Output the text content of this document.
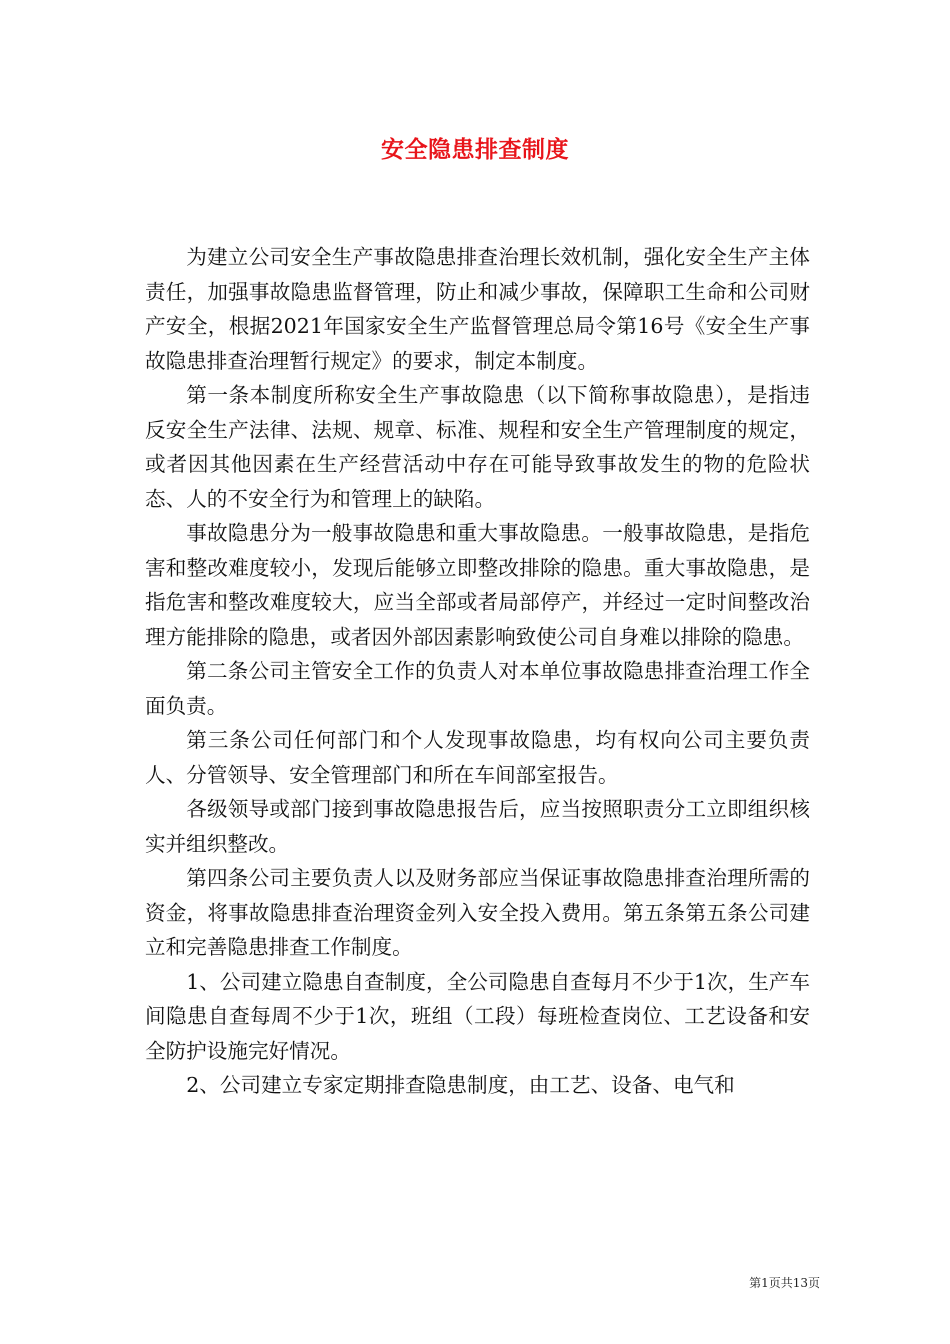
安全隐患排查制度

为建立公司安全生产事故隐患排查治理长效机制，强化安全生产主体责任，加强事故隐患监督管理，防止和减少事故，保障职工生命和公司财产安全，根据2021年国家安全生产监督管理总局令第16号《安全生产事故隐患排查治理暂行规定》的要求，制定本制度。

第一条本制度所称安全生产事故隐患（以下简称事故隐患），是指违反安全生产法律、法规、规章、标准、规程和安全生产管理制度的规定，或者因其他因素在生产经营活动中存在可能导致事故发生的物的危险状态、人的不安全行为和管理上的缺陷。

事故隐患分为一般事故隐患和重大事故隐患。一般事故隐患，是指危害和整改难度较小，发现后能够立即整改排除的隐患。重大事故隐患，是指危害和整改难度较大，应当全部或者局部停产，并经过一定时间整改治理方能排除的隐患，或者因外部因素影响致使公司自身难以排除的隐患。

第二条公司主管安全工作的负责人对本单位事故隐患排查治理工作全面负责。

第三条公司任何部门和个人发现事故隐患，均有权向公司主要负责人、分管领导、安全管理部门和所在车间部室报告。

各级领导或部门接到事故隐患报告后，应当按照职责分工立即组织核实并组织整改。

第四条公司主要负责人以及财务部应当保证事故隐患排查治理所需的资金，将事故隐患排查治理资金列入安全投入费用。第五条第五条公司建立和完善隐患排查工作制度。

1、公司建立隐患自查制度，全公司隐患自查每月不少于1次，生产车间隐患自查每周不少于1次，班组（工段）每班检查岗位、工艺设备和安全防护设施完好情况。

2、公司建立专家定期排查隐患制度，由工艺、设备、电气和

第1页共13页
